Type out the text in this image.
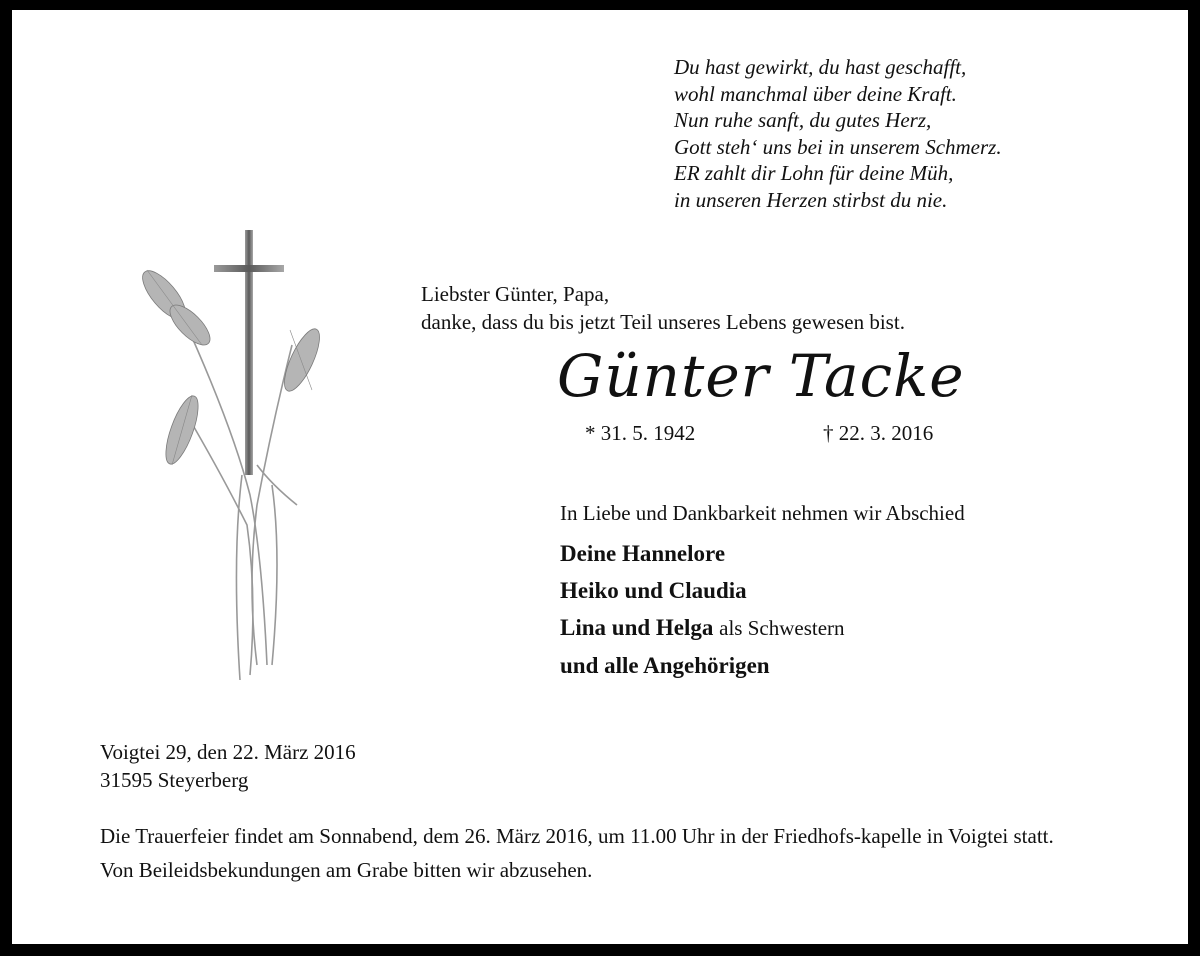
Du hast gewirkt, du hast geschafft,
wohl manchmal über deine Kraft.
Nun ruhe sanft, du gutes Herz,
Gott steh‘ uns bei in unserem Schmerz.
ER zahlt dir Lohn für deine Müh,
in unseren Herzen stirbst du nie.
Liebster Günter, Papa,
danke, dass du bis jetzt Teil unseres Lebens gewesen bist.
Günter Tacke
* 31. 5. 1942	† 22. 3. 2016
In Liebe und Dankbarkeit nehmen wir Abschied
Deine Hannelore
Heiko und Claudia
Lina und Helga als Schwestern
und alle Angehörigen
Voigtei 29, den 22. März 2016
31595 Steyerberg

Die Trauerfeier findet am Sonnabend, dem 26. März 2016, um 11.00 Uhr in der Friedhofs-kapelle in Voigtei statt.

Von Beileidsbekundungen am Grabe bitten wir abzusehen.
